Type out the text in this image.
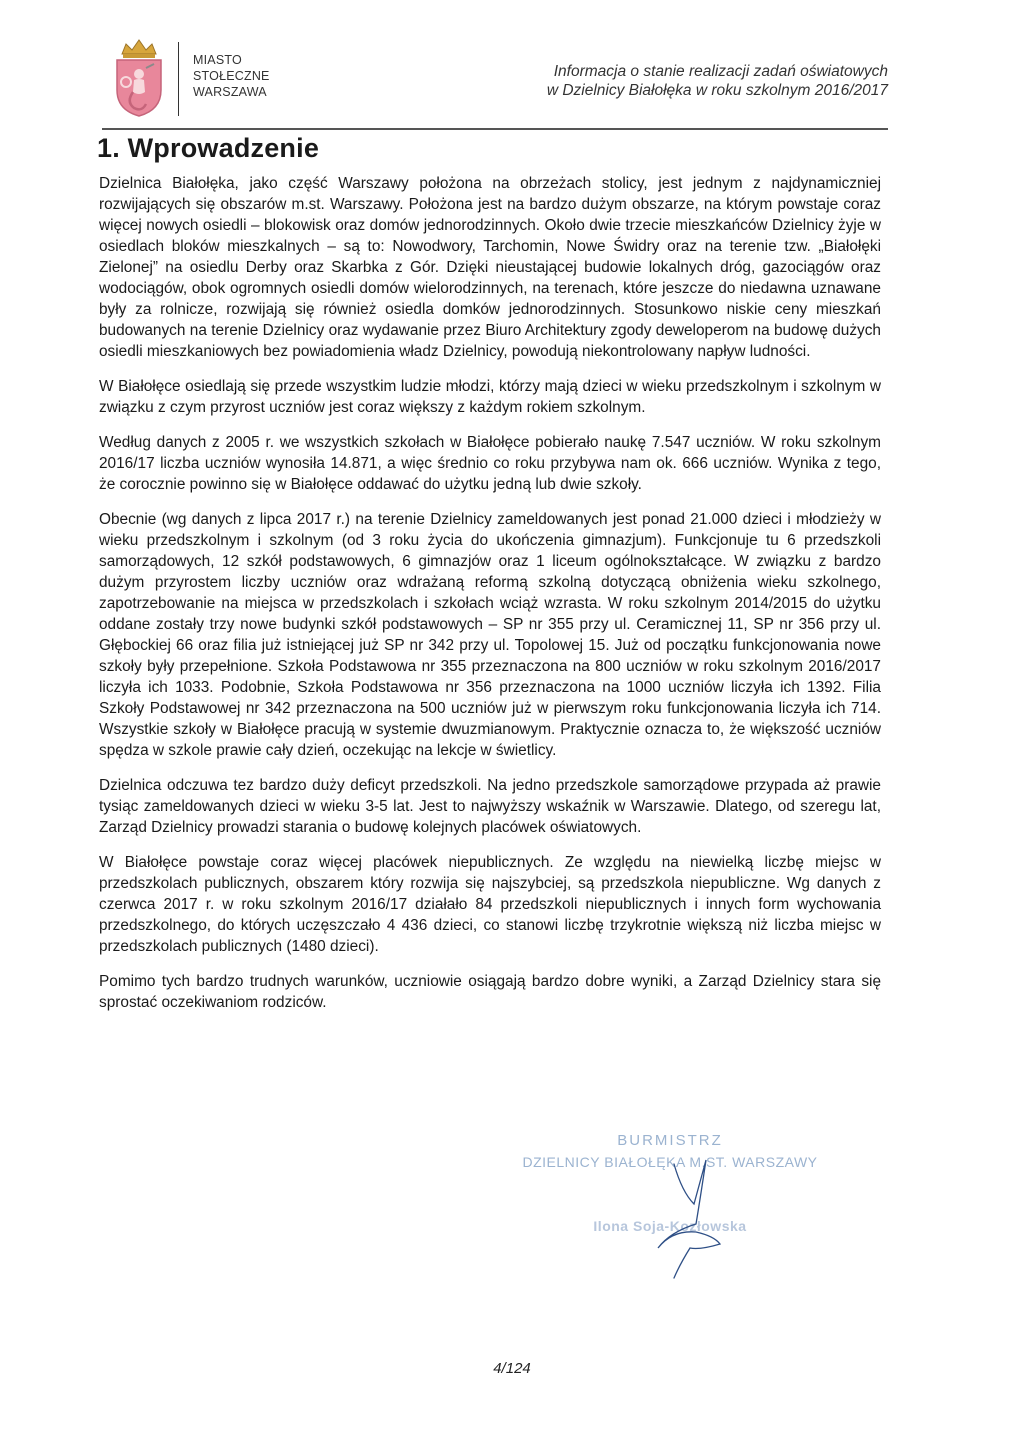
MIASTO
STOŁECZNE
WARSZAWA
Informacja o stanie realizacji zadań oświatowych
w Dzielnicy Białołęka w roku szkolnym 2016/2017
1. Wprowadzenie

Dzielnica Białołęka, jako część Warszawy położona na obrzeżach stolicy, jest jednym z najdynamiczniej rozwijających się obszarów m.st. Warszawy. Położona jest na bardzo dużym obszarze, na którym powstaje coraz więcej nowych osiedli – blokowisk oraz domów jednorodzinnych. Około dwie trzecie mieszkańców Dzielnicy żyje w osiedlach bloków mieszkalnych – są to: Nowodwory, Tarchomin, Nowe Świdry oraz na terenie tzw. „Białołęki Zielonej” na osiedlu Derby oraz Skarbka z Gór. Dzięki nieustającej budowie lokalnych dróg, gazociągów oraz wodociągów, obok ogromnych osiedli domów wielorodzinnych, na terenach, które jeszcze do niedawna uznawane były za rolnicze, rozwijają się również osiedla domków jednorodzinnych. Stosunkowo niskie ceny mieszkań budowanych na terenie Dzielnicy oraz wydawanie przez Biuro Architektury zgody deweloperom na budowę dużych osiedli mieszkaniowych bez powiadomienia władz Dzielnicy, powodują niekontrolowany napływ ludności.

W Białołęce osiedlają się przede wszystkim ludzie młodzi, którzy mają dzieci w wieku przedszkolnym i szkolnym w związku z czym przyrost uczniów jest coraz większy z każdym rokiem szkolnym.

Według danych z 2005 r. we wszystkich szkołach w Białołęce pobierało naukę 7.547 uczniów. W roku szkolnym 2016/17 liczba uczniów wynosiła 14.871, a więc średnio co roku przybywa nam ok. 666 uczniów. Wynika z tego, że corocznie powinno się w Białołęce oddawać do użytku jedną lub dwie szkoły.

Obecnie (wg danych z lipca 2017 r.) na terenie Dzielnicy zameldowanych jest ponad 21.000 dzieci i młodzieży w wieku przedszkolnym i szkolnym (od 3 roku życia do ukończenia gimnazjum). Funkcjonuje tu 6 przedszkoli samorządowych, 12 szkół podstawowych, 6 gimnazjów oraz 1 liceum ogólnokształcące. W związku z bardzo dużym przyrostem liczby uczniów oraz wdrażaną reformą szkolną dotyczącą obniżenia wieku szkolnego, zapotrzebowanie na miejsca w przedszkolach i szkołach wciąż wzrasta. W roku szkolnym 2014/2015 do użytku oddane zostały trzy nowe budynki szkół podstawowych – SP nr 355 przy ul. Ceramicznej 11, SP nr 356 przy ul. Głębockiej 66 oraz filia już istniejącej już SP nr 342 przy ul. Topolowej 15. Już od początku funkcjonowania nowe szkoły były przepełnione. Szkoła Podstawowa nr 355 przeznaczona na 800 uczniów w roku szkolnym 2016/2017 liczyła ich 1033. Podobnie, Szkoła Podstawowa nr 356 przeznaczona na 1000 uczniów liczyła ich 1392. Filia Szkoły Podstawowej nr 342 przeznaczona na 500 uczniów już w pierwszym roku funkcjonowania liczyła ich 714. Wszystkie szkoły w Białołęce pracują w systemie dwuzmianowym. Praktycznie oznacza to, że większość uczniów spędza w szkole prawie cały dzień, oczekując na lekcje w świetlicy.

Dzielnica odczuwa tez bardzo duży deficyt przedszkoli. Na jedno przedszkole samorządowe przypada aż prawie tysiąc zameldowanych dzieci w wieku 3-5 lat. Jest to najwyższy wskaźnik w Warszawie. Dlatego, od szeregu lat, Zarząd Dzielnicy prowadzi starania o budowę kolejnych placówek oświatowych.

W Białołęce powstaje coraz więcej placówek niepublicznych. Ze względu na niewielką liczbę miejsc w przedszkolach publicznych, obszarem który rozwija się najszybciej, są przedszkola niepubliczne. Wg danych z czerwca 2017 r. w roku szkolnym 2016/17 działało 84 przedszkoli niepublicznych i innych form wychowania przedszkolnego, do których uczęszczało 4 436 dzieci, co stanowi liczbę trzykrotnie większą niż liczba miejsc w przedszkolach publicznych (1480 dzieci).

Pomimo tych bardzo trudnych warunków, uczniowie osiągają bardzo dobre wyniki, a Zarząd Dzielnicy stara się sprostać oczekiwaniom rodziców.

BURMISTRZ
DZIELNICY BIAŁOŁĘKA M.ST. WARSZAWY
Ilona Soja-Kozłowska
4/124
